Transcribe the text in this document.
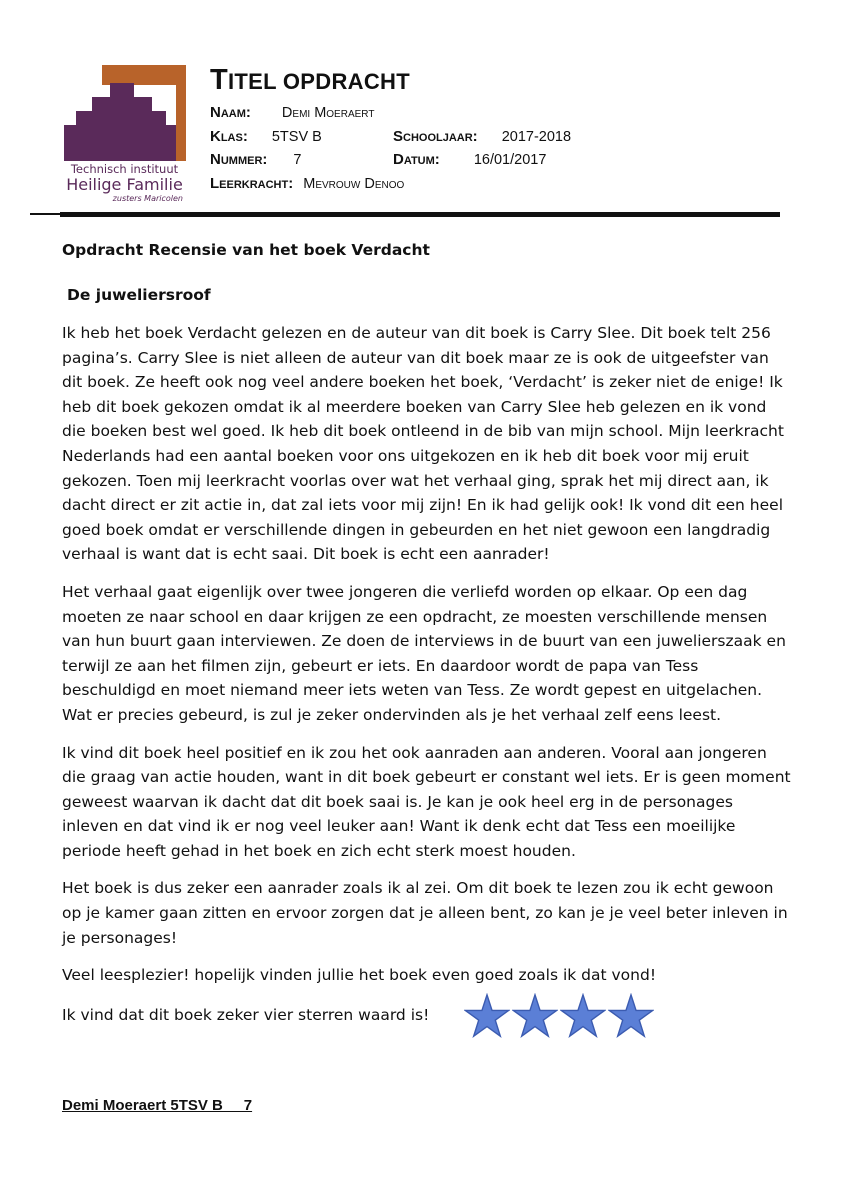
Technisch instituut
Heilige Familie
zusters Maricolen
TITEL OPDRACHT
Naam: Demi Moeraert
Klas: 5TSV B	Schooljaar: 2017-2018
Nummer: 7	Datum: 16/01/2017
Leerkracht: Mevrouw Denoo
Opdracht Recensie van het boek Verdacht
De juweliersroof

Ik heb het boek Verdacht gelezen en de auteur van dit boek is Carry Slee. Dit boek telt 256 pagina’s. Carry Slee is niet alleen de auteur van dit boek maar ze is ook de uitgeefster van dit boek. Ze heeft ook nog veel andere boeken het boek, ‘Verdacht’ is zeker niet de enige! Ik heb dit boek gekozen omdat ik al meerdere boeken van Carry Slee heb gelezen en ik vond die boeken best wel goed. Ik heb dit boek ontleend in de bib van mijn school. Mijn leerkracht Nederlands had een aantal boeken voor ons uitgekozen en ik heb dit boek voor mij eruit gekozen. Toen mij leerkracht voorlas over wat het verhaal ging, sprak het mij direct aan, ik dacht direct er zit actie in, dat zal iets voor mij zijn! En ik had gelijk ook! Ik vond dit een heel goed boek omdat er verschillende dingen in gebeurden en het niet gewoon een langdradig verhaal is want dat is echt saai. Dit boek is echt een aanrader!

Het verhaal gaat eigenlijk over twee jongeren die verliefd worden op elkaar. Op een dag moeten ze naar school en daar krijgen ze een opdracht, ze moesten verschillende mensen van hun buurt gaan interviewen. Ze doen de interviews in de buurt van een juwelierszaak en terwijl ze aan het filmen zijn, gebeurt er iets. En daardoor wordt de papa van Tess beschuldigd en moet niemand meer iets weten van Tess. Ze wordt gepest en uitgelachen. Wat er precies gebeurd, is zul je zeker ondervinden als je het verhaal zelf eens leest.

Ik vind dit boek heel positief en ik zou het ook aanraden aan anderen. Vooral aan jongeren die graag van actie houden, want in dit boek gebeurt er constant wel iets. Er is geen moment geweest waarvan ik dacht dat dit boek saai is. Je kan je ook heel erg in de personages inleven en dat vind ik er nog veel leuker aan! Want ik denk echt dat Tess een moeilijke periode heeft gehad in het boek en zich echt sterk moest houden.

Het boek is dus zeker een aanrader zoals ik al zei. Om dit boek te lezen zou ik echt gewoon op je kamer gaan zitten en ervoor zorgen dat je alleen bent, zo kan je je veel beter inleven in je personages!

Veel leesplezier! hopelijk vinden jullie het boek even goed zoals ik dat vond!

Ik vind dat dit boek zeker vier sterren waard is!
Demi Moeraert 5TSV B     7
